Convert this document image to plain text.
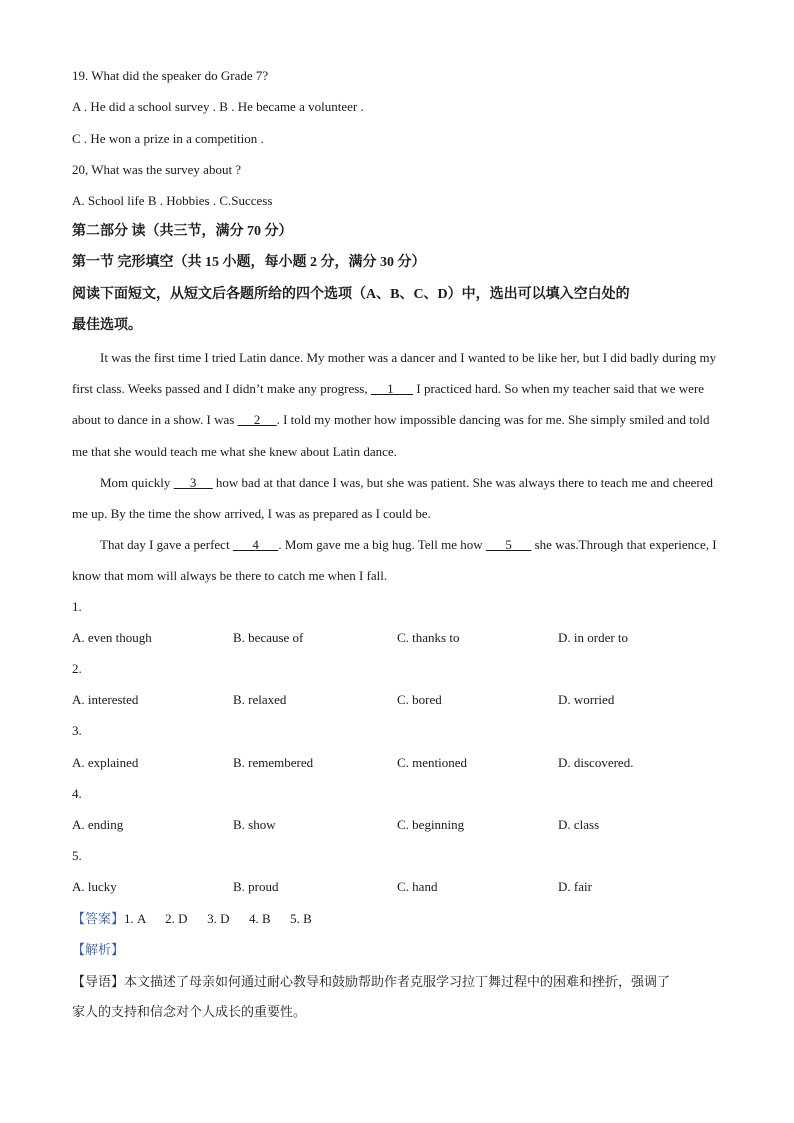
19. What did the speaker do Grade 7?
A . He did a school survey . B . He became a volunteer .
C . He won a prize in a competition .
20, What was the survey about ?
A. School life B . Hobbies . C.Success
第二部分 读（共三节，满分 70 分）
第一节 完形填空（共 15 小题，每小题 2 分，满分 30 分）
阅读下面短文，从短文后各题所给的四个选项（A、B、C、D）中，选出可以填入空白处的
最佳选项。
It was the first time I tried Latin dance. My mother was a dancer and I wanted to be like her, but I did badly during my first class. Weeks passed and I didn’t make any progress,      1       I practiced hard. So when my teacher said that we were about to dance in a show. I was      2     . I told my mother how impossible dancing was for me. She simply smiled and told me that she would teach me what she knew about Latin dance.
Mom quickly      3      how bad at that dance I was, but she was patient. She was always there to teach me and cheered me up. By the time the show arrived, I was as prepared as I could be.
That day I gave a perfect       4      . Mom gave me a big hug. Tell me how       5       she was.Through that experience, I know that mom will always be there to catch me when I fall.
1.
A. even though	B. because of	C. thanks to	D. in order to
2.
A. interested	B. relaxed	C. bored	D. worried
3.
A. explained	B. remembered	C. mentioned	D. discovered.
4.
A. ending	B. show	C. beginning	D. class
5.
A. lucky	B. proud	C. hand	D. fair
【答案】1. A      2. D      3. D      4. B      5. B
【解析】
【导语】本文描述了母亲如何通过耐心教导和鼓励帮助作者克服学习拉丁舞过程中的困难和挫折，强调了
家人的支持和信念对个人成长的重要性。
